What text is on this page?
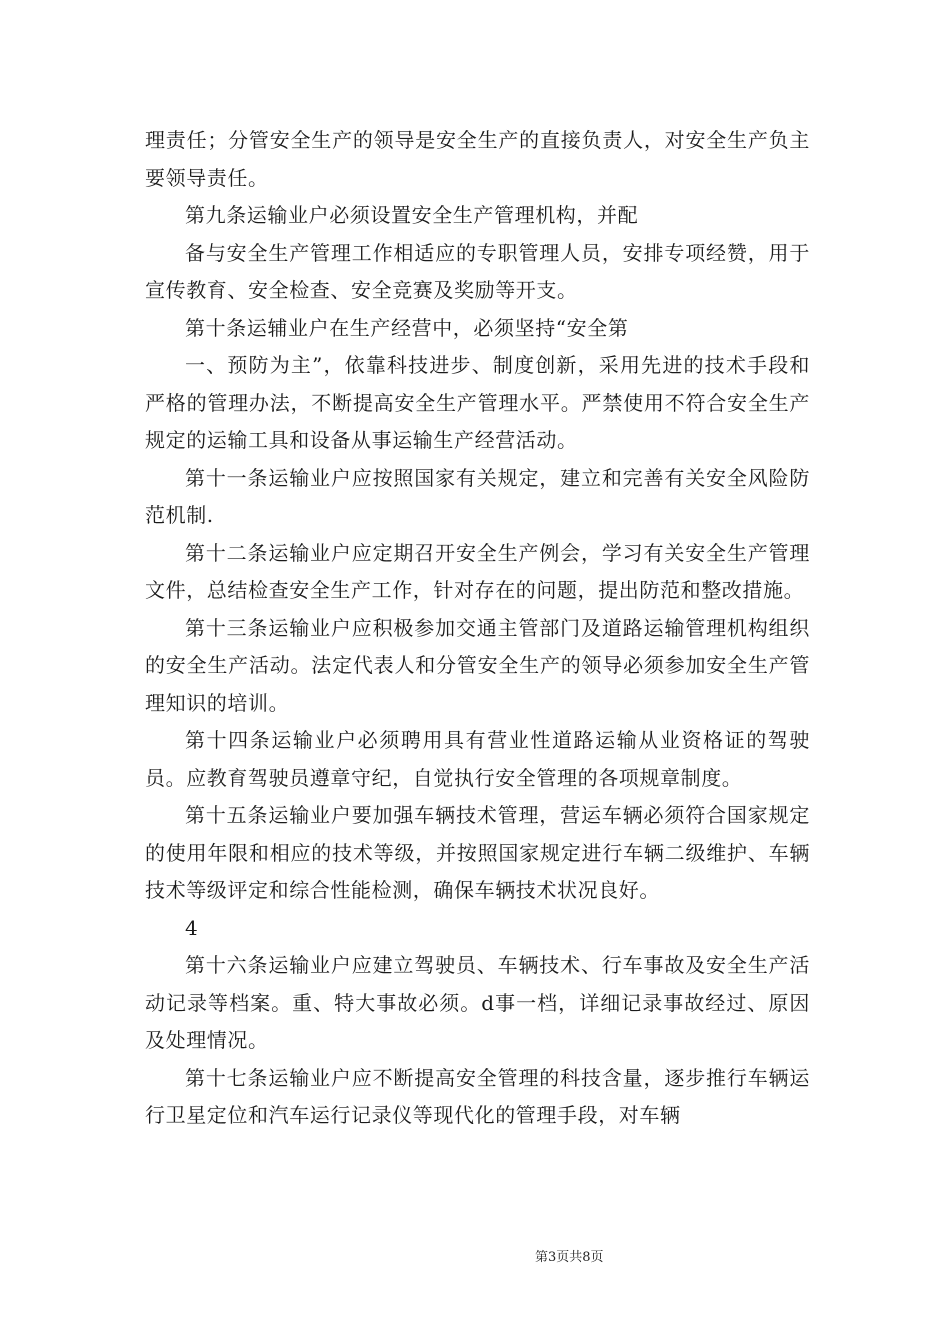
理责任；分管安全生产的领导是安全生产的直接负责人，对安全生产负主要领导责任。

第九条运输业户必须设置安全生产管理机构，并配

备与安全生产管理工作相适应的专职管理人员，安排专项经赞，用于宣传教育、安全检查、安全竞赛及奖励等开支。

第十条运辅业户在生产经营中，必须坚持“安全第

一、预防为主”，依靠科技进步、制度创新，采用先进的技术手段和严格的管理办法，不断提高安全生产管理水平。严禁使用不符合安全生产规定的运输工具和设备从事运输生产经营活动。

第十一条运输业户应按照国家有关规定，建立和完善有关安全风险防范机制.

第十二条运输业户应定期召开安全生产例会，学习有关安全生产管理文件，总结检查安全生产工作，针对存在的问题，提出防范和整改措施。

第十三条运输业户应积极参加交通主管部门及道路运输管理机构组织的安全生产活动。法定代表人和分管安全生产的领导必须参加安全生产管理知识的培训。

第十四条运输业户必须聘用具有营业性道路运输从业资格证的驾驶员。应教育驾驶员遵章守纪，自觉执行安全管理的各项规章制度。

第十五条运输业户要加强车辆技术管理，营运车辆必须符合国家规定的使用年限和相应的技术等级，并按照国家规定进行车辆二级维护、车辆技术等级评定和综合性能检测，确保车辆技术状况良好。

4

第十六条运输业户应建立驾驶员、车辆技术、行车事故及安全生产活动记录等档案。重、特大事故必须。d事一档，详细记录事故经过、原因及处理情况。

第十七条运输业户应不断提高安全管理的科技含量，逐步推行车辆运行卫星定位和汽车运行记录仪等现代化的管理手段，对车辆

第3页共8页
